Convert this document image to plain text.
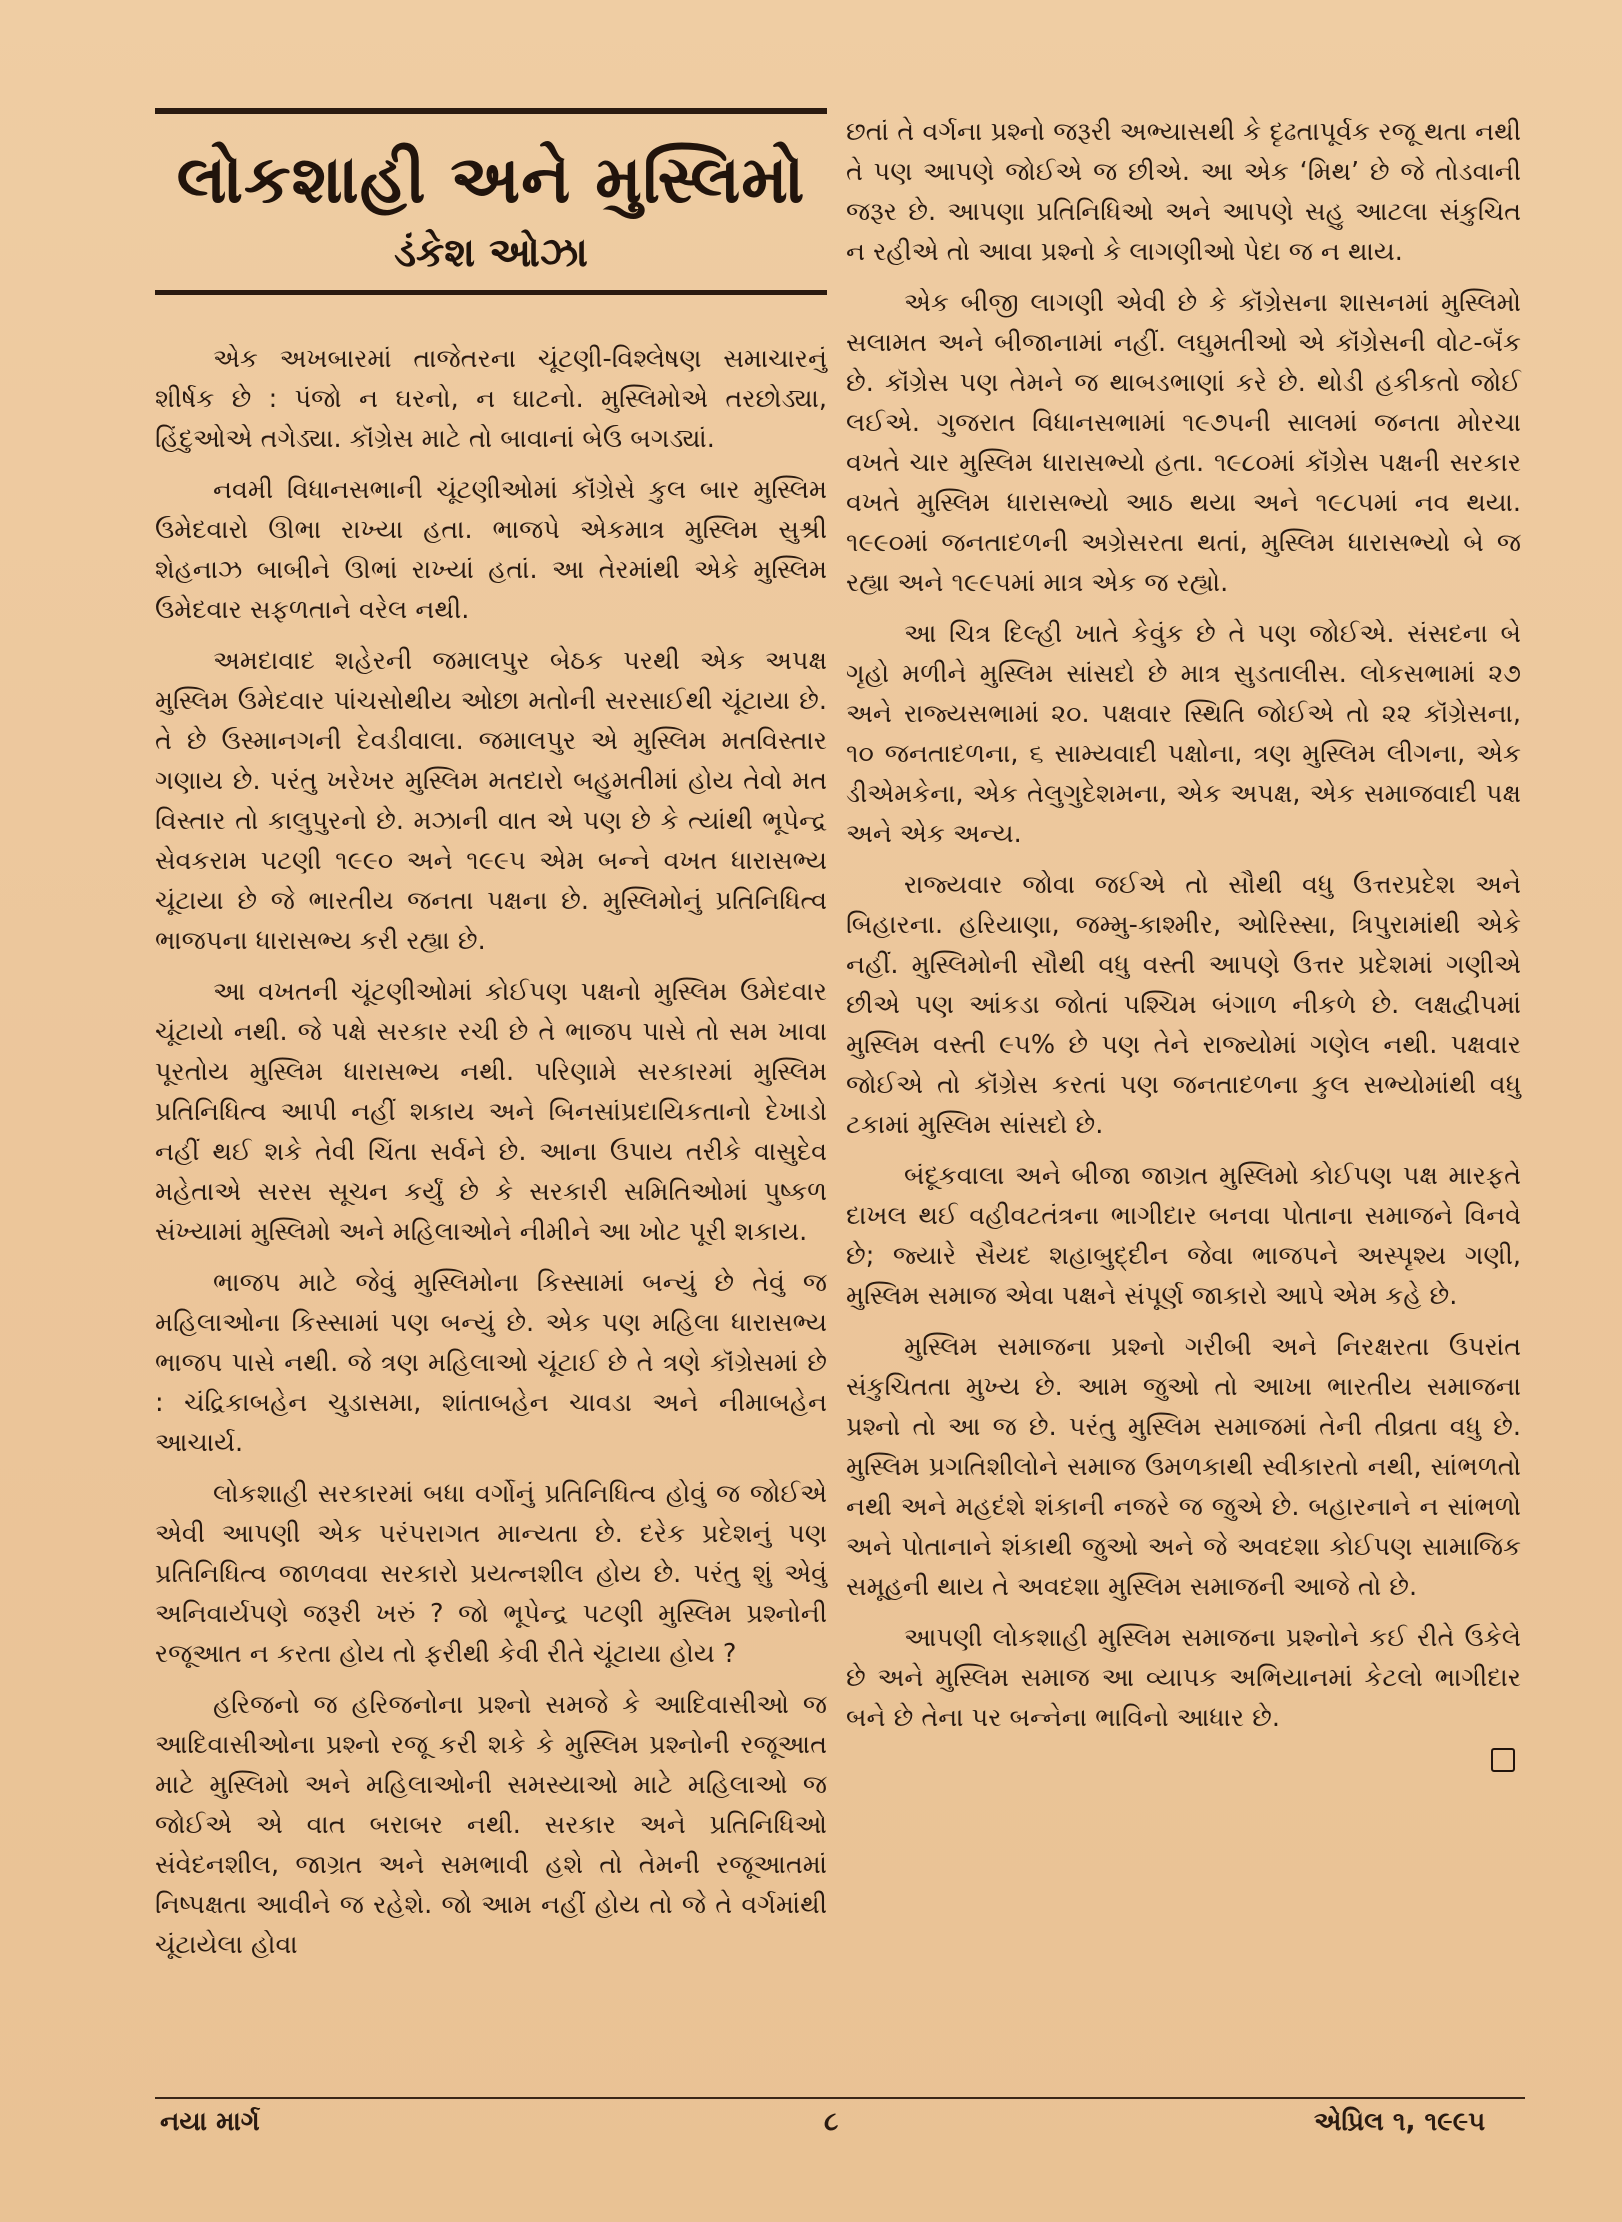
લોકશાહી અને મુસ્લિમો
ડંકેશ ઓઝા

એક અખબારમાં તાજેતરના ચૂંટણી-વિશ્લેષણ સમાચારનું શીર્ષક છે : પંજો ન ઘરનો, ન ઘાટનો. મુસ્લિમોએ તરછોડ્યા, હિંદુઓએ તગેડ્યા. કૉંગ્રેસ માટે તો બાવાનાં બેઉ બગડ્યાં.

નવમી વિધાનસભાની ચૂંટણીઓમાં કૉંગ્રેસે કુલ બાર મુસ્લિમ ઉમેદવારો ઊભા રાખ્યા હતા. ભાજપે એકમાત્ર મુસ્લિમ સુશ્રી શેહનાઝ બાબીને ઊભાં રાખ્યાં હતાં. આ તેરમાંથી એકે મુસ્લિમ ઉમેદવાર સફળતાને વરેલ નથી.

અમદાવાદ શહેરની જમાલપુર બેઠક પરથી એક અપક્ષ મુસ્લિમ ઉમેદવાર પાંચસોથીય ઓછા મતોની સરસાઈથી ચૂંટાયા છે. તે છે ઉસ્માનગની દેવડીવાલા. જમાલપુર એ મુસ્લિમ મતવિસ્તાર ગણાય છે. પરંતુ ખરેખર મુસ્લિમ મતદારો બહુમતીમાં હોય તેવો મત વિસ્તાર તો કાલુપુરનો છે. મઝાની વાત એ પણ છે કે ત્યાંથી ભૂપેન્દ્ર સેવકરામ પટણી ૧૯૯૦ અને ૧૯૯૫ એમ બન્ને વખત ધારાસભ્ય ચૂંટાયા છે જે ભારતીય જનતા પક્ષના છે. મુસ્લિમોનું પ્રતિનિધિત્વ ભાજપના ધારાસભ્ય કરી રહ્યા છે.

આ વખતની ચૂંટણીઓમાં કોઈપણ પક્ષનો મુસ્લિમ ઉમેદવાર ચૂંટાયો નથી. જે પક્ષે સરકાર રચી છે તે ભાજપ પાસે તો સમ ખાવા પૂરતોય મુસ્લિમ ધારાસભ્ય નથી. પરિણામે સરકારમાં મુસ્લિમ પ્રતિનિધિત્વ આપી નહીં શકાય અને બિનસાંપ્રદાયિકતાનો દેખાડો નહીં થઈ શકે તેવી ચિંતા સર્વને છે. આના ઉપાય તરીકે વાસુદેવ મહેતાએ સરસ સૂચન કર્યું છે કે સરકારી સમિતિઓમાં પુષ્કળ સંખ્યામાં મુસ્લિમો અને મહિલાઓને નીમીને આ ખોટ પૂરી શકાય.

ભાજપ માટે જેવું મુસ્લિમોના કિસ્સામાં બન્યું છે તેવું જ મહિલાઓના કિસ્સામાં પણ બન્યું છે. એક પણ મહિલા ધારાસભ્ય ભાજપ પાસે નથી. જે ત્રણ મહિલાઓ ચૂંટાઈ છે તે ત્રણે કૉંગ્રેસમાં છે : ચંદ્રિકાબહેન ચુડાસમા, શાંતાબહેન ચાવડા અને નીમાબહેન આચાર્ય.

લોકશાહી સરકારમાં બધા વર્ગોનું પ્રતિનિધિત્વ હોવું જ જોઈએ એવી આપણી એક પરંપરાગત માન્યતા છે. દરેક પ્રદેશનું પણ પ્રતિનિધિત્વ જાળવવા સરકારો પ્રયત્નશીલ હોય છે. પરંતુ શું એવું અનિવાર્યપણે જરૂરી ખરું ? જો ભૂપેન્દ્ર પટણી મુસ્લિમ પ્રશ્નોની રજૂઆત ન કરતા હોય તો ફરીથી કેવી રીતે ચૂંટાયા હોય ?

હરિજનો જ હરિજનોના પ્રશ્નો સમજે કે આદિવાસીઓ જ આદિવાસીઓના પ્રશ્નો રજૂ કરી શકે કે મુસ્લિમ પ્રશ્નોની રજૂઆત માટે મુસ્લિમો અને મહિલાઓની સમસ્યાઓ માટે મહિલાઓ જ જોઈએ એ વાત બરાબર નથી. સરકાર અને પ્રતિનિધિઓ સંવેદનશીલ, જાગ્રત અને સમભાવી હશે તો તેમની રજૂઆતમાં નિષ્પક્ષતા આવીને જ રહેશે. જો આમ નહીં હોય તો જે તે વર્ગમાંથી ચૂંટાયેલા હોવા

છતાં તે વર્ગના પ્રશ્નો જરૂરી અભ્યાસથી કે દૃઢતાપૂર્વક રજૂ થતા નથી તે પણ આપણે જોઈએ જ છીએ. આ એક ‘મિથ’ છે જે તોડવાની જરૂર છે. આપણા પ્રતિનિધિઓ અને આપણે સહુ આટલા સંકુચિત ન રહીએ તો આવા પ્રશ્નો કે લાગણીઓ પેદા જ ન થાય.

એક બીજી લાગણી એવી છે કે કૉંગ્રેસના શાસનમાં મુસ્લિમો સલામત અને બીજાનામાં નહીં. લઘુમતીઓ એ કૉંગ્રેસની વોટ-બૅંક છે. કૉંગ્રેસ પણ તેમને જ થાબડભાણાં કરે છે. થોડી હકીકતો જોઈ લઈએ. ગુજરાત વિધાનસભામાં ૧૯૭૫ની સાલમાં જનતા મોરચા વખતે ચાર મુસ્લિમ ધારાસભ્યો હતા. ૧૯૮૦માં કૉંગ્રેસ પક્ષની સરકાર વખતે મુસ્લિમ ધારાસભ્યો આઠ થયા અને ૧૯૮૫માં નવ થયા. ૧૯૯૦માં જનતાદળની અગ્રેસરતા થતાં, મુસ્લિમ ધારાસભ્યો બે જ રહ્યા અને ૧૯૯૫માં માત્ર એક જ રહ્યો.

આ ચિત્ર દિલ્હી ખાતે કેવુંક છે તે પણ જોઈએ. સંસદના બે ગૃહો મળીને મુસ્લિમ સાંસદો છે માત્ર સુડતાલીસ. લોકસભામાં ૨૭ અને રાજ્યસભામાં ૨૦. પક્ષવાર સ્થિતિ જોઈએ તો ૨૨ કૉંગ્રેસના, ૧૦ જનતાદળના, ૬ સામ્યવાદી પક્ષોના, ત્રણ મુસ્લિમ લીગના, એક ડીએમકેના, એક તેલુગુદેશમના, એક અપક્ષ, એક સમાજવાદી પક્ષ અને એક અન્ય.

રાજ્યવાર જોવા જઈએ તો સૌથી વધુ ઉત્તરપ્રદેશ અને બિહારના. હરિયાણા, જમ્મુ-કાશ્મીર, ઓરિસ્સા, ત્રિપુરામાંથી એકે નહીં. મુસ્લિમોની સૌથી વધુ વસ્તી આપણે ઉત્તર પ્રદેશમાં ગણીએ છીએ પણ આંકડા જોતાં પશ્ચિમ બંગાળ નીકળે છે. લક્ષદ્વીપમાં મુસ્લિમ વસ્તી ૯૫% છે પણ તેને રાજ્યોમાં ગણેલ નથી. પક્ષવાર જોઈએ તો કૉંગ્રેસ કરતાં પણ જનતાદળના કુલ સભ્યોમાંથી વધુ ટકામાં મુસ્લિમ સાંસદો છે.

બંદૂકવાલા અને બીજા જાગ્રત મુસ્લિમો કોઈપણ પક્ષ મારફતે દાખલ થઈ વહીવટતંત્રના ભાગીદાર બનવા પોતાના સમાજને વિનવે છે; જ્યારે સૈયદ શહાબુદ્દીન જેવા ભાજપને અસ્પૃશ્ય ગણી, મુસ્લિમ સમાજ એવા પક્ષને સંપૂર્ણ જાકારો આપે એમ કહે છે.

મુસ્લિમ સમાજના પ્રશ્નો ગરીબી અને નિરક્ષરતા ઉપરાંત સંકુચિતતા મુખ્ય છે. આમ જુઓ તો આખા ભારતીય સમાજના પ્રશ્નો તો આ જ છે. પરંતુ મુસ્લિમ સમાજમાં તેની તીવ્રતા વધુ છે. મુસ્લિમ પ્રગતિશીલોને સમાજ ઉમળકાથી સ્વીકારતો નથી, સાંભળતો નથી અને મહદંશે શંકાની નજરે જ જુએ છે. બહારનાને ન સાંભળો અને પોતાનાને શંકાથી જુઓ અને જે અવદશા કોઈપણ સામાજિક સમૂહની થાય તે અવદશા મુસ્લિમ સમાજની આજે તો છે.

આપણી લોકશાહી મુસ્લિમ સમાજના પ્રશ્નોને કઈ રીતે ઉકેલે છે અને મુસ્લિમ સમાજ આ વ્યાપક અભિયાનમાં કેટલો ભાગીદાર બને છે તેના પર બન્નેના ભાવિનો આધાર છે.

નયા માર્ગ	૮	એપ્રિલ ૧, ૧૯૯૫
